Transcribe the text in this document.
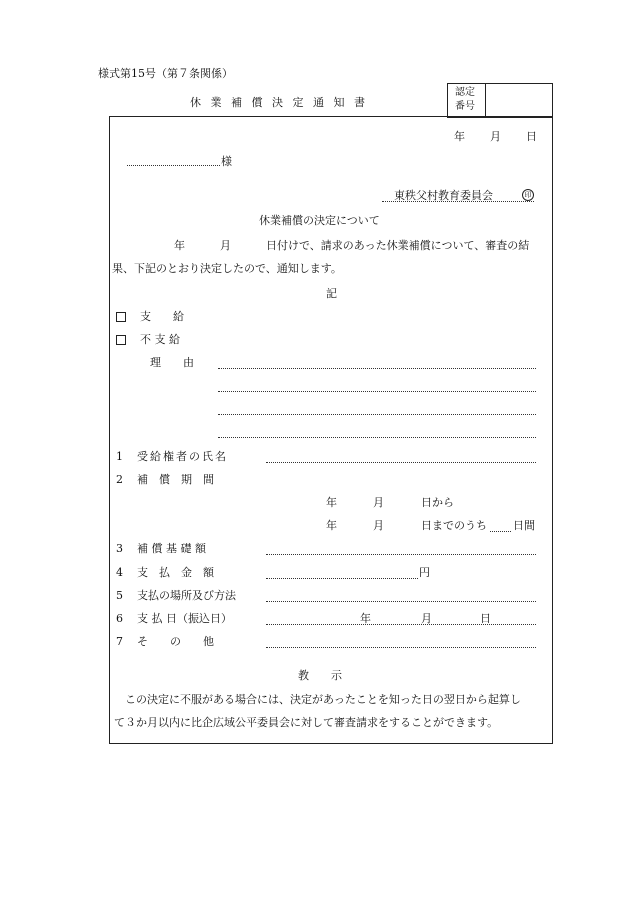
様式第15号（第７条関係）
休 業 補 償 決 定 通 知 書
認定
番号
年 月 日
様
東秩父村教育委員会	印
休業補償の決定について
年	月	日付けで、請求のあった休業補償について、審査の結
果、下記のとおり決定したので、通知します。
記
支　　給
不 支 給
理　　由
1 受給権者の氏名
2 補　償　期　間
年	月	日から
年	月	日までのうち 日間
3 補 償 基 礎 額
4 支　払　金　額	円
5 支払の場所及び方法
6 支 払 日（振込日）	年	月	日
7 そ　　の　　他
教　　示
この決定に不服がある場合には、決定があったことを知った日の翌日から起算し
て３か月以内に比企広域公平委員会に対して審査請求をすることができます。
